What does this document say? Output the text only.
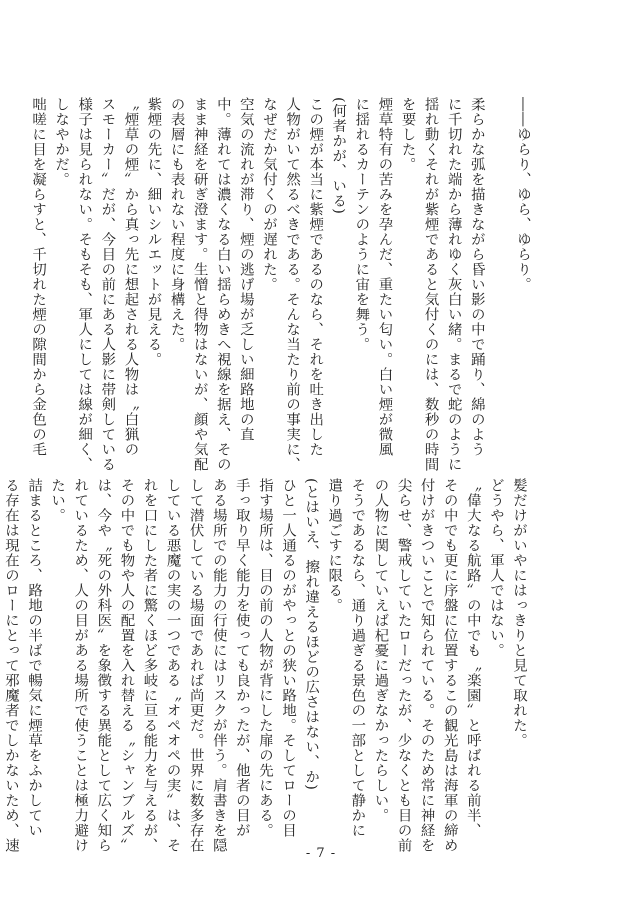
――ゆらり、ゆら、ゆらり。

柔らかな弧を描きながら昏い影の中で踊り、綿のよう

に千切れた端から薄れゆく灰白い緒。まるで蛇のように

揺れ動くそれが紫煙であると気付くのには、数秒の時間

を要した。

煙草特有の苦みを孕んだ、重たい匂い。白い煙が微風

に揺れるカーテンのように宙を舞う。

(何者かが、いる)

この煙が本当に紫煙であるのなら、それを吐き出した

人物がいて然るべきである。そんな当たり前の事実に、

なぜだか気付くのが遅れた。

空気の流れが滞り、煙の逃げ場が乏しい細路地の直

中。薄れては濃くなる白い揺らめきへ視線を据え、その

まま神経を研ぎ澄ます。生憎と得物はないが、顔や気配

の表層にも表れない程度に身構えた。

紫煙の先に、細いシルエットが見える。

〝煙草の煙〟から真っ先に想起される人物は〝白猟の

スモーカー〟だが、今目の前にある人影に帯剣している

様子は見られない。そもそも、軍人にしては線が細く、

しなやかだ。

咄嗟に目を凝らすと、千切れた煙の隙間から金色の毛

髪だけがいやにはっきりと見て取れた。

どうやら、軍人ではない。

〝偉大なる航路〟の中でも〝楽園〟と呼ばれる前半、

その中でも更に序盤に位置するこの観光島は海軍の締め

付けがきついことで知られている。そのため常に神経を

尖らせ、警戒していたローだったが、少なくとも目の前

の人物に関していえば杞憂に過ぎなかったらしい。

そうであるなら、通り過ぎる景色の一部として静かに

遣り過ごすに限る。

(とはいえ、擦れ違えるほどの広さはない、か)

ひと一人通るのがやっとの狭い路地。そしてローの目

指す場所は、目の前の人物が背にした扉の先にある。

手っ取り早く能力を使っても良かったが、他者の目が

ある場所での能力の行使にはリスクが伴う。肩書きを隠

して潜伏している場面であれば尚更だ。世界に数多存在

している悪魔の実の一つである〝オペオペの実〟は、そ

れを口にした者に驚くほど多岐に亘る能力を与えるが、

その中でも物や人の配置を入れ替える〝シャンブルズ〟

は、今や〝死の外科医〟を象徴する異能として広く知ら

れているため、人の目がある場所で使うことは極力避け

たい。

詰まるところ、路地の半ばで暢気に煙草をふかしてい

る存在は現在のローにとって邪魔者でしかないため、速

- 7 -
